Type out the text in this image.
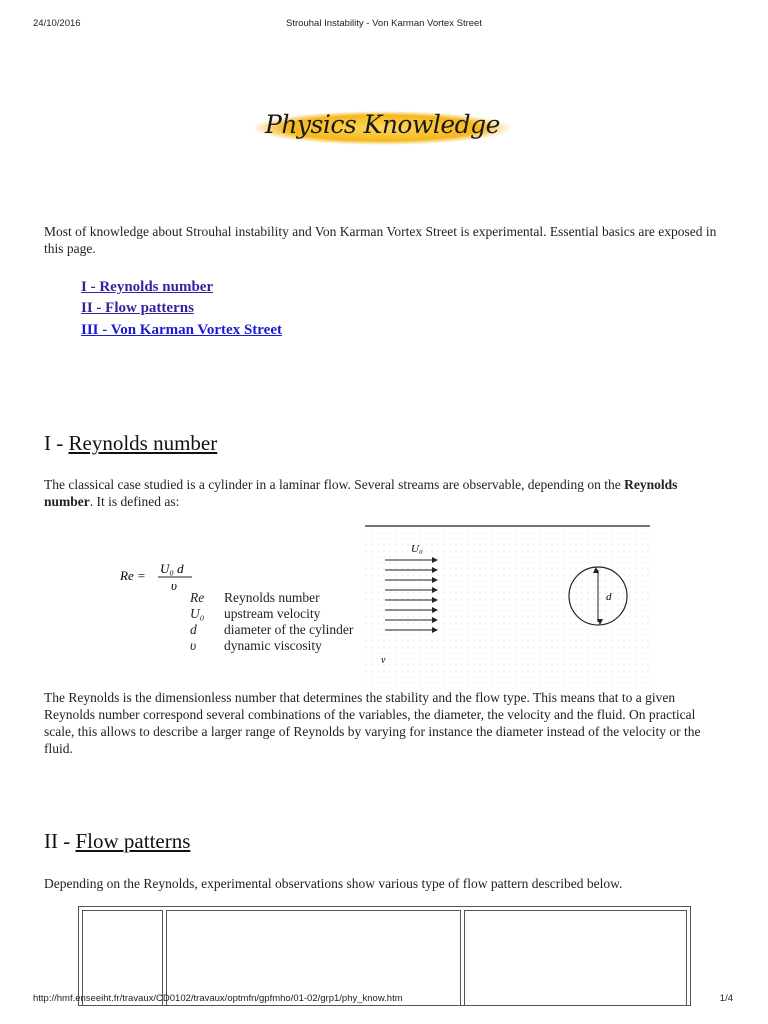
24/10/2016	Strouhal Instability - Von Karman Vortex Street
Physics Knowledge
Most of knowledge about Strouhal instability and Von Karman Vortex Street is experimental. Essential basics are exposed in this page.
I - Reynolds number
II - Flow patterns
III - Von Karman Vortex Street
I - Reynolds number
The classical case studied is a cylinder in a laminar flow. Several streams are observable, depending on the Reynolds number. It is defined as:
Re = U₀ d
υ
Re Reynolds number
U₀ upstream velocity
d diameter of the cylinder
υ dynamic viscosity
U₀
d
ν
The Reynolds is the dimensionless number that determines the stability and the flow type. This means that to a given Reynolds number correspond several combinations of the variables, the diameter, the velocity and the fluid. On practical scale, this allows to describe a larger range of Reynolds by varying for instance the diameter instead of the velocity or the fluid.
II - Flow patterns
Depending on the Reynolds, experimental observations show various type of flow pattern described below.
http://hmf.enseeiht.fr/travaux/CD0102/travaux/optmfn/gpfmho/01-02/grp1/phy_know.htm	1/4
